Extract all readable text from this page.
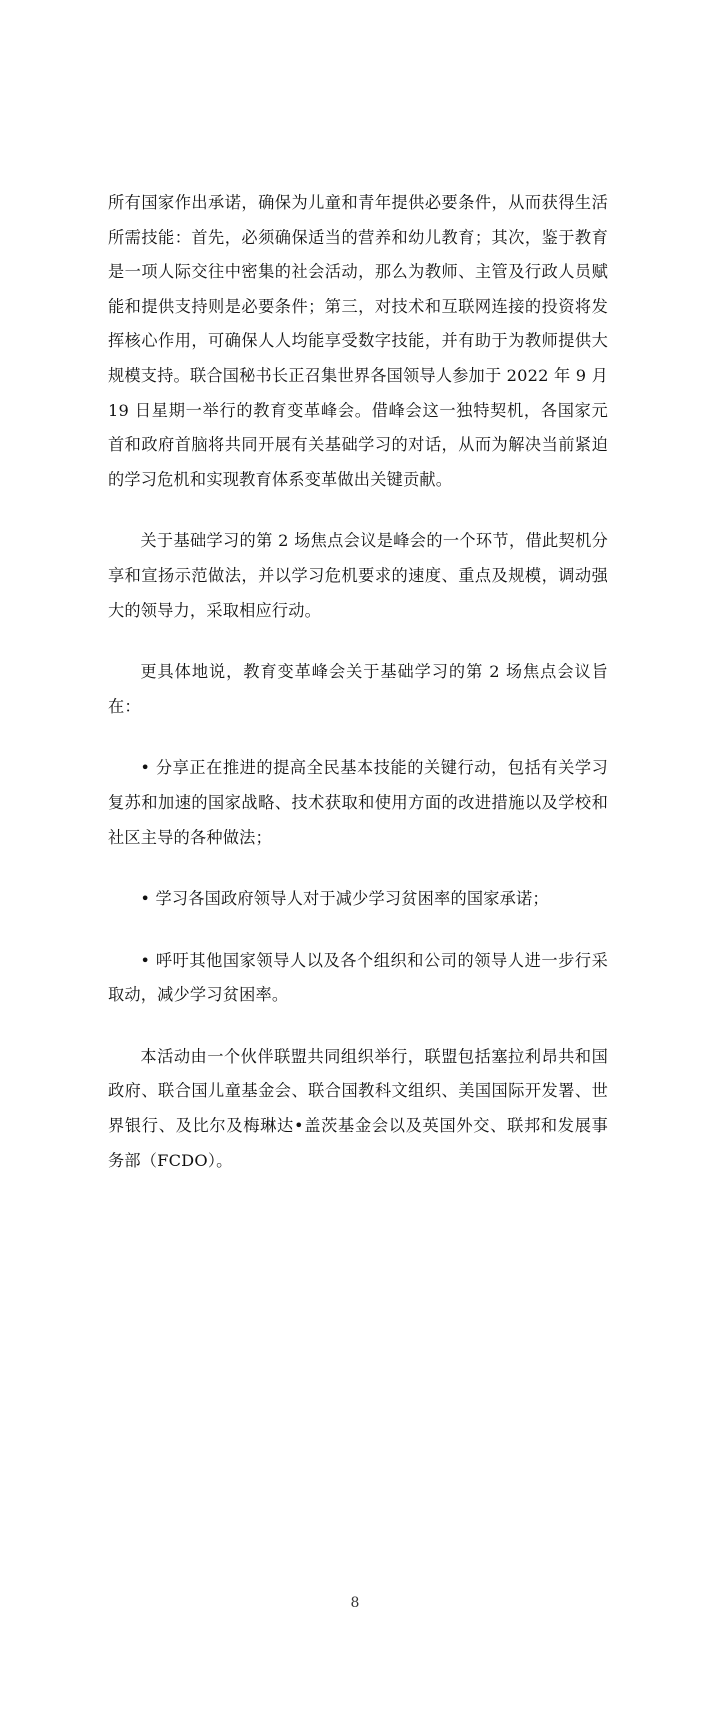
所有国家作出承诺，确保为儿童和青年提供必要条件，从而获得生活所需技能：首先，必须确保适当的营养和幼儿教育；其次，鉴于教育是一项人际交往中密集的社会活动，那么为教师、主管及行政人员赋能和提供支持则是必要条件；第三，对技术和互联网连接的投资将发挥核心作用，可确保人人均能享受数字技能，并有助于为教师提供大规模支持。联合国秘书长正召集世界各国领导人参加于 2022 年 9 月 19 日星期一举行的教育变革峰会。借峰会这一独特契机，各国家元首和政府首脑将共同开展有关基础学习的对话，从而为解决当前紧迫的学习危机和实现教育体系变革做出关键贡献。

关于基础学习的第 2 场焦点会议是峰会的一个环节，借此契机分享和宣扬示范做法，并以学习危机要求的速度、重点及规模，调动强大的领导力，采取相应行动。

更具体地说，教育变革峰会关于基础学习的第 2 场焦点会议旨在：

• 分享正在推进的提高全民基本技能的关键行动，包括有关学习复苏和加速的国家战略、技术获取和使用方面的改进措施以及学校和社区主导的各种做法；

• 学习各国政府领导人对于减少学习贫困率的国家承诺；

• 呼吁其他国家领导人以及各个组织和公司的领导人进一步行采取动，减少学习贫困率。

本活动由一个伙伴联盟共同组织举行，联盟包括塞拉利昂共和国政府、联合国儿童基金会、联合国教科文组织、美国国际开发署、世界银行、及比尔及梅琳达•盖茨基金会以及英国外交、联邦和发展事务部（FCDO）。

8
